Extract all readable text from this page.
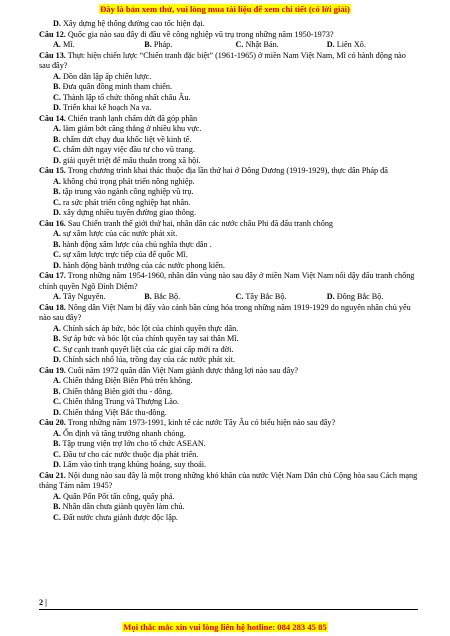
Đây là bản xem thử, vui lòng mua tài liệu để xem chi tiết (có lời giải)

D. Xây dựng hệ thống đường cao tốc hiện đại.

Câu 12. Quốc gia nào sau đây đi đầu về công nghiệp vũ trụ trong những năm 1950-1973?

A. Mĩ.	B. Pháp.	C. Nhật Bản.	D. Liên Xô.

Câu 13. Thực hiện chiến lược “Chiến tranh đặc biệt” (1961-1965) ở miền Nam Việt Nam, Mĩ có hành động nào sau đây?

A. Dồn dân lập ấp chiến lược.

B. Đưa quân đồng minh tham chiến.

C. Thành lập tổ chức thống nhất châu Âu.

D. Triển khai kế hoạch Na va.

Câu 14. Chiến tranh lạnh chấm dứt đã góp phần

A. làm giảm bớt căng thẳng ở nhiều khu vực.

B. chấm dứt chạy đua khốc liệt về kinh tế.

C. chấm dứt ngay việc đầu tư cho vũ trang.

D. giải quyết triệt để mâu thuẫn trong xã hội.

Câu 15. Trong chương trình khai thác thuộc địa lần thứ hai ở Đông Dương (1919-1929), thực dân Pháp đã

A. không chú trọng phát triển nông nghiệp.

B. tập trung vào ngành công nghiệp vũ trụ.

C. ra sức phát triển công nghiệp hạt nhân.

D. xây dựng nhiều tuyến đường giao thông.

Câu 16. Sau Chiến tranh thế giới thứ hai, nhân dân các nước châu Phi đã đấu tranh chống

A. sự xâm lược của các nước phát xít.

B. hành động xâm lược của chủ nghĩa thực dân .

C. sự xâm lược trực tiếp của đế quốc Mĩ.

D. hành động bành trướng của các nước phong kiến.

Câu 17. Trong những năm 1954-1960, nhân dân vùng nào sau đây ở miền Nam Việt Nam nổi dậy đấu tranh chống chính quyền Ngô Đình Diệm?

A. Tây Nguyên.	B. Bắc Bộ.	C. Tây Bắc Bộ.	D. Đông Bắc Bộ.

Câu 18. Nông dân Việt Nam bị đẩy vào cảnh bần cùng hóa trong những năm 1919-1929 do nguyên nhân chủ yếu nào sau đây?

A. Chính sách áp bức, bóc lột của chính quyền thực dân.

B. Sự áp bức và bóc lột của chính quyền tay sai thân Mĩ.

C. Sự cạnh tranh quyết liệt của các giai cấp mới ra đời.

D. Chính sách nhổ lúa, trồng đay của các nước phát xít.

Câu 19. Cuối năm 1972 quân dân Việt Nam giành được thắng lợi nào sau đây?

A. Chiến thắng Điện Biên Phủ trên không.

B. Chiến thắng Biên giới thu - đông.

C. Chiến thắng Trung và Thượng Lào.

D. Chiến thắng Việt Bắc thu-đông.

Câu 20. Trong những năm 1973-1991, kinh tế các nước Tây Âu có biểu hiện nào sau đây?

A. Ổn định và tăng trưởng nhanh chóng.

B. Tập trung viện trợ lớn cho tổ chức ASEAN.

C. Đầu tư cho các nước thuộc địa phát triển.

D. Lâm vào tình trạng khủng hoảng, suy thoái.

Câu 21. Nội dung nào sau đây là một trong những khó khăn của nước Việt Nam Dân chủ Cộng hòa sau Cách mạng tháng Tám năm 1945?

A. Quân Pốn Pốt tấn công, quấy phá.

B. Nhân dân chưa giành quyền làm chủ.

C. Đất nước chưa giành được độc lập.

2 |
Mọi thắc mắc xin vui lòng liên hệ hotline: 084 283 45 85
